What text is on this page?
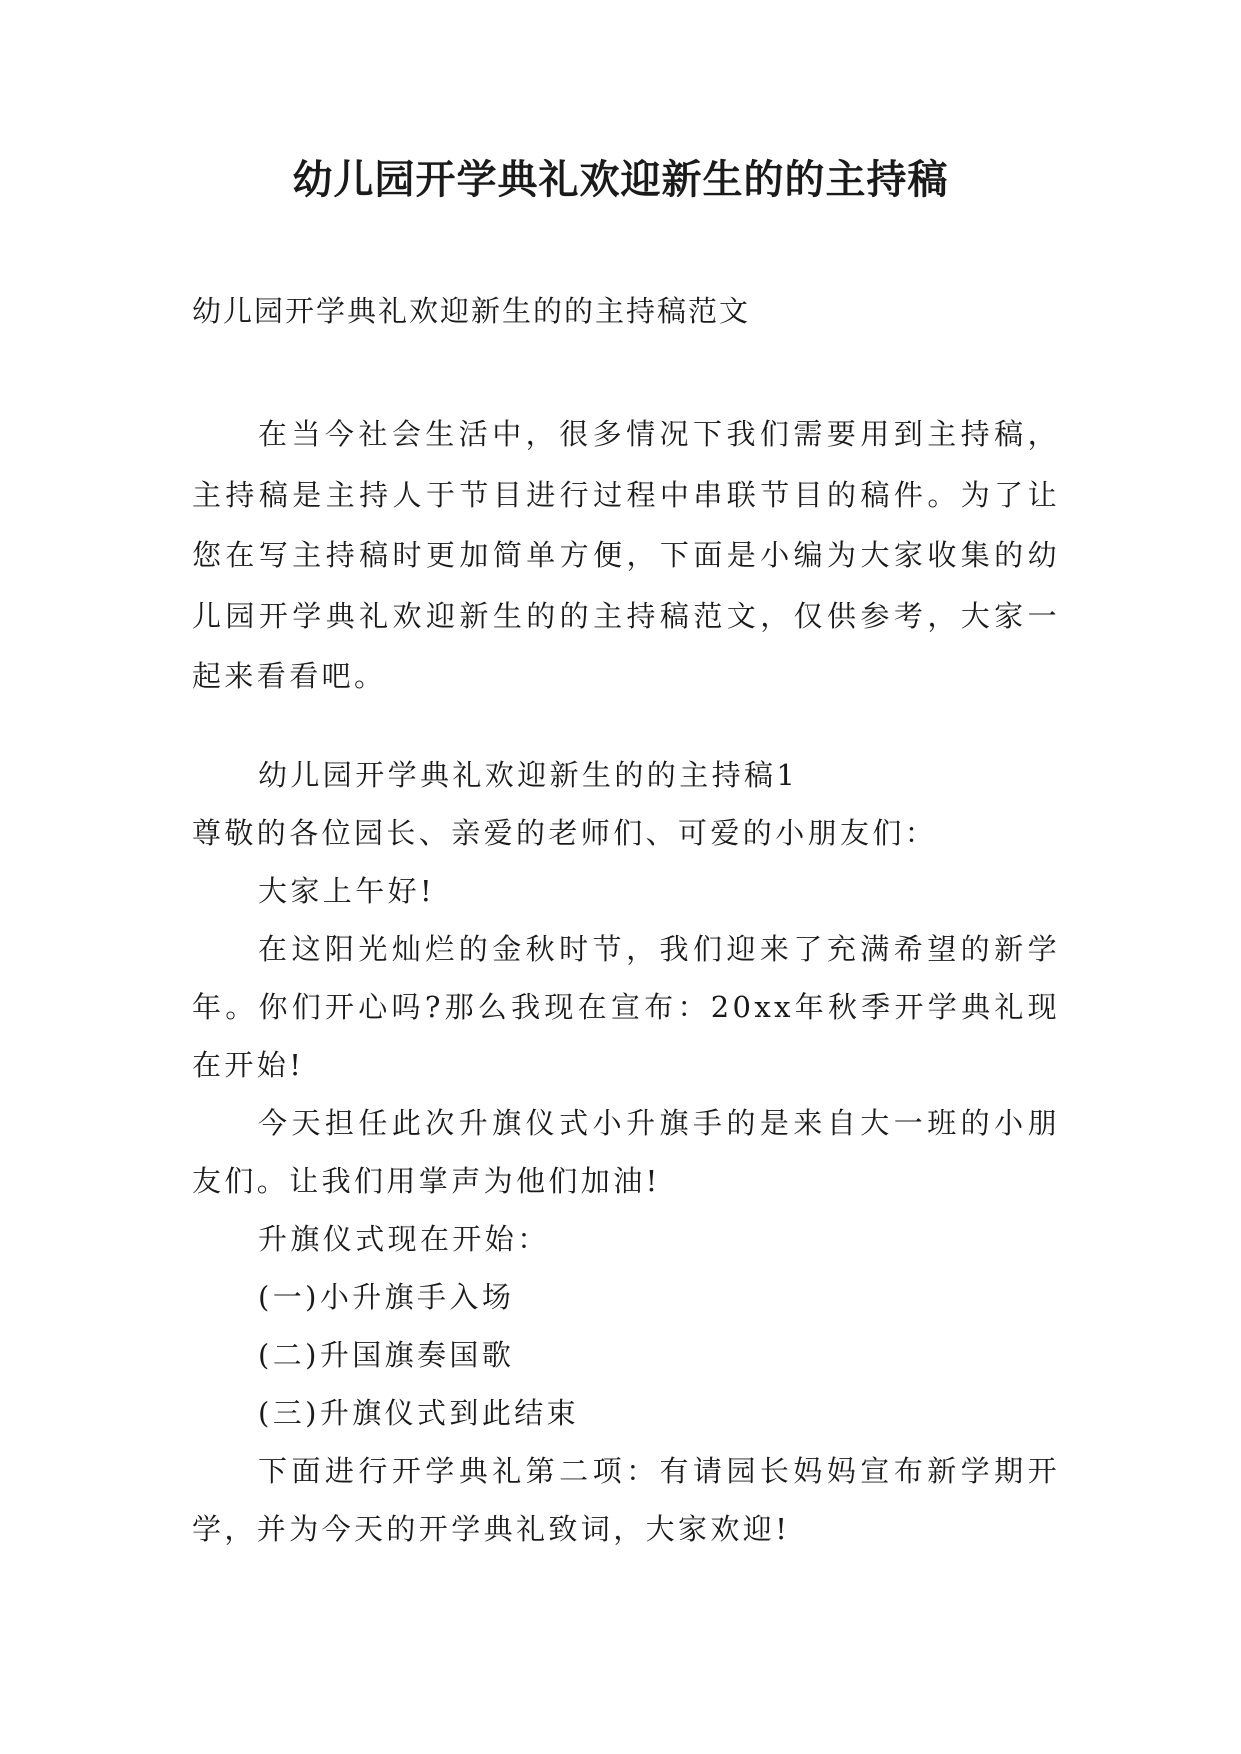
幼儿园开学典礼欢迎新生的的主持稿

幼儿园开学典礼欢迎新生的的主持稿范文

在当今社会生活中，很多情况下我们需要用到主持稿，主持稿是主持人于节目进行过程中串联节目的稿件。为了让您在写主持稿时更加简单方便，下面是小编为大家收集的幼儿园开学典礼欢迎新生的的主持稿范文，仅供参考，大家一起来看看吧。

幼儿园开学典礼欢迎新生的的主持稿1

尊敬的各位园长、亲爱的老师们、可爱的小朋友们：

大家上午好!

在这阳光灿烂的金秋时节，我们迎来了充满希望的新学年。你们开心吗?那么我现在宣布：20xx年秋季开学典礼现在开始!

今天担任此次升旗仪式小升旗手的是来自大一班的小朋友们。让我们用掌声为他们加油!

升旗仪式现在开始：

(一)小升旗手入场

(二)升国旗奏国歌

(三)升旗仪式到此结束

下面进行开学典礼第二项：有请园长妈妈宣布新学期开学，并为今天的开学典礼致词，大家欢迎!
